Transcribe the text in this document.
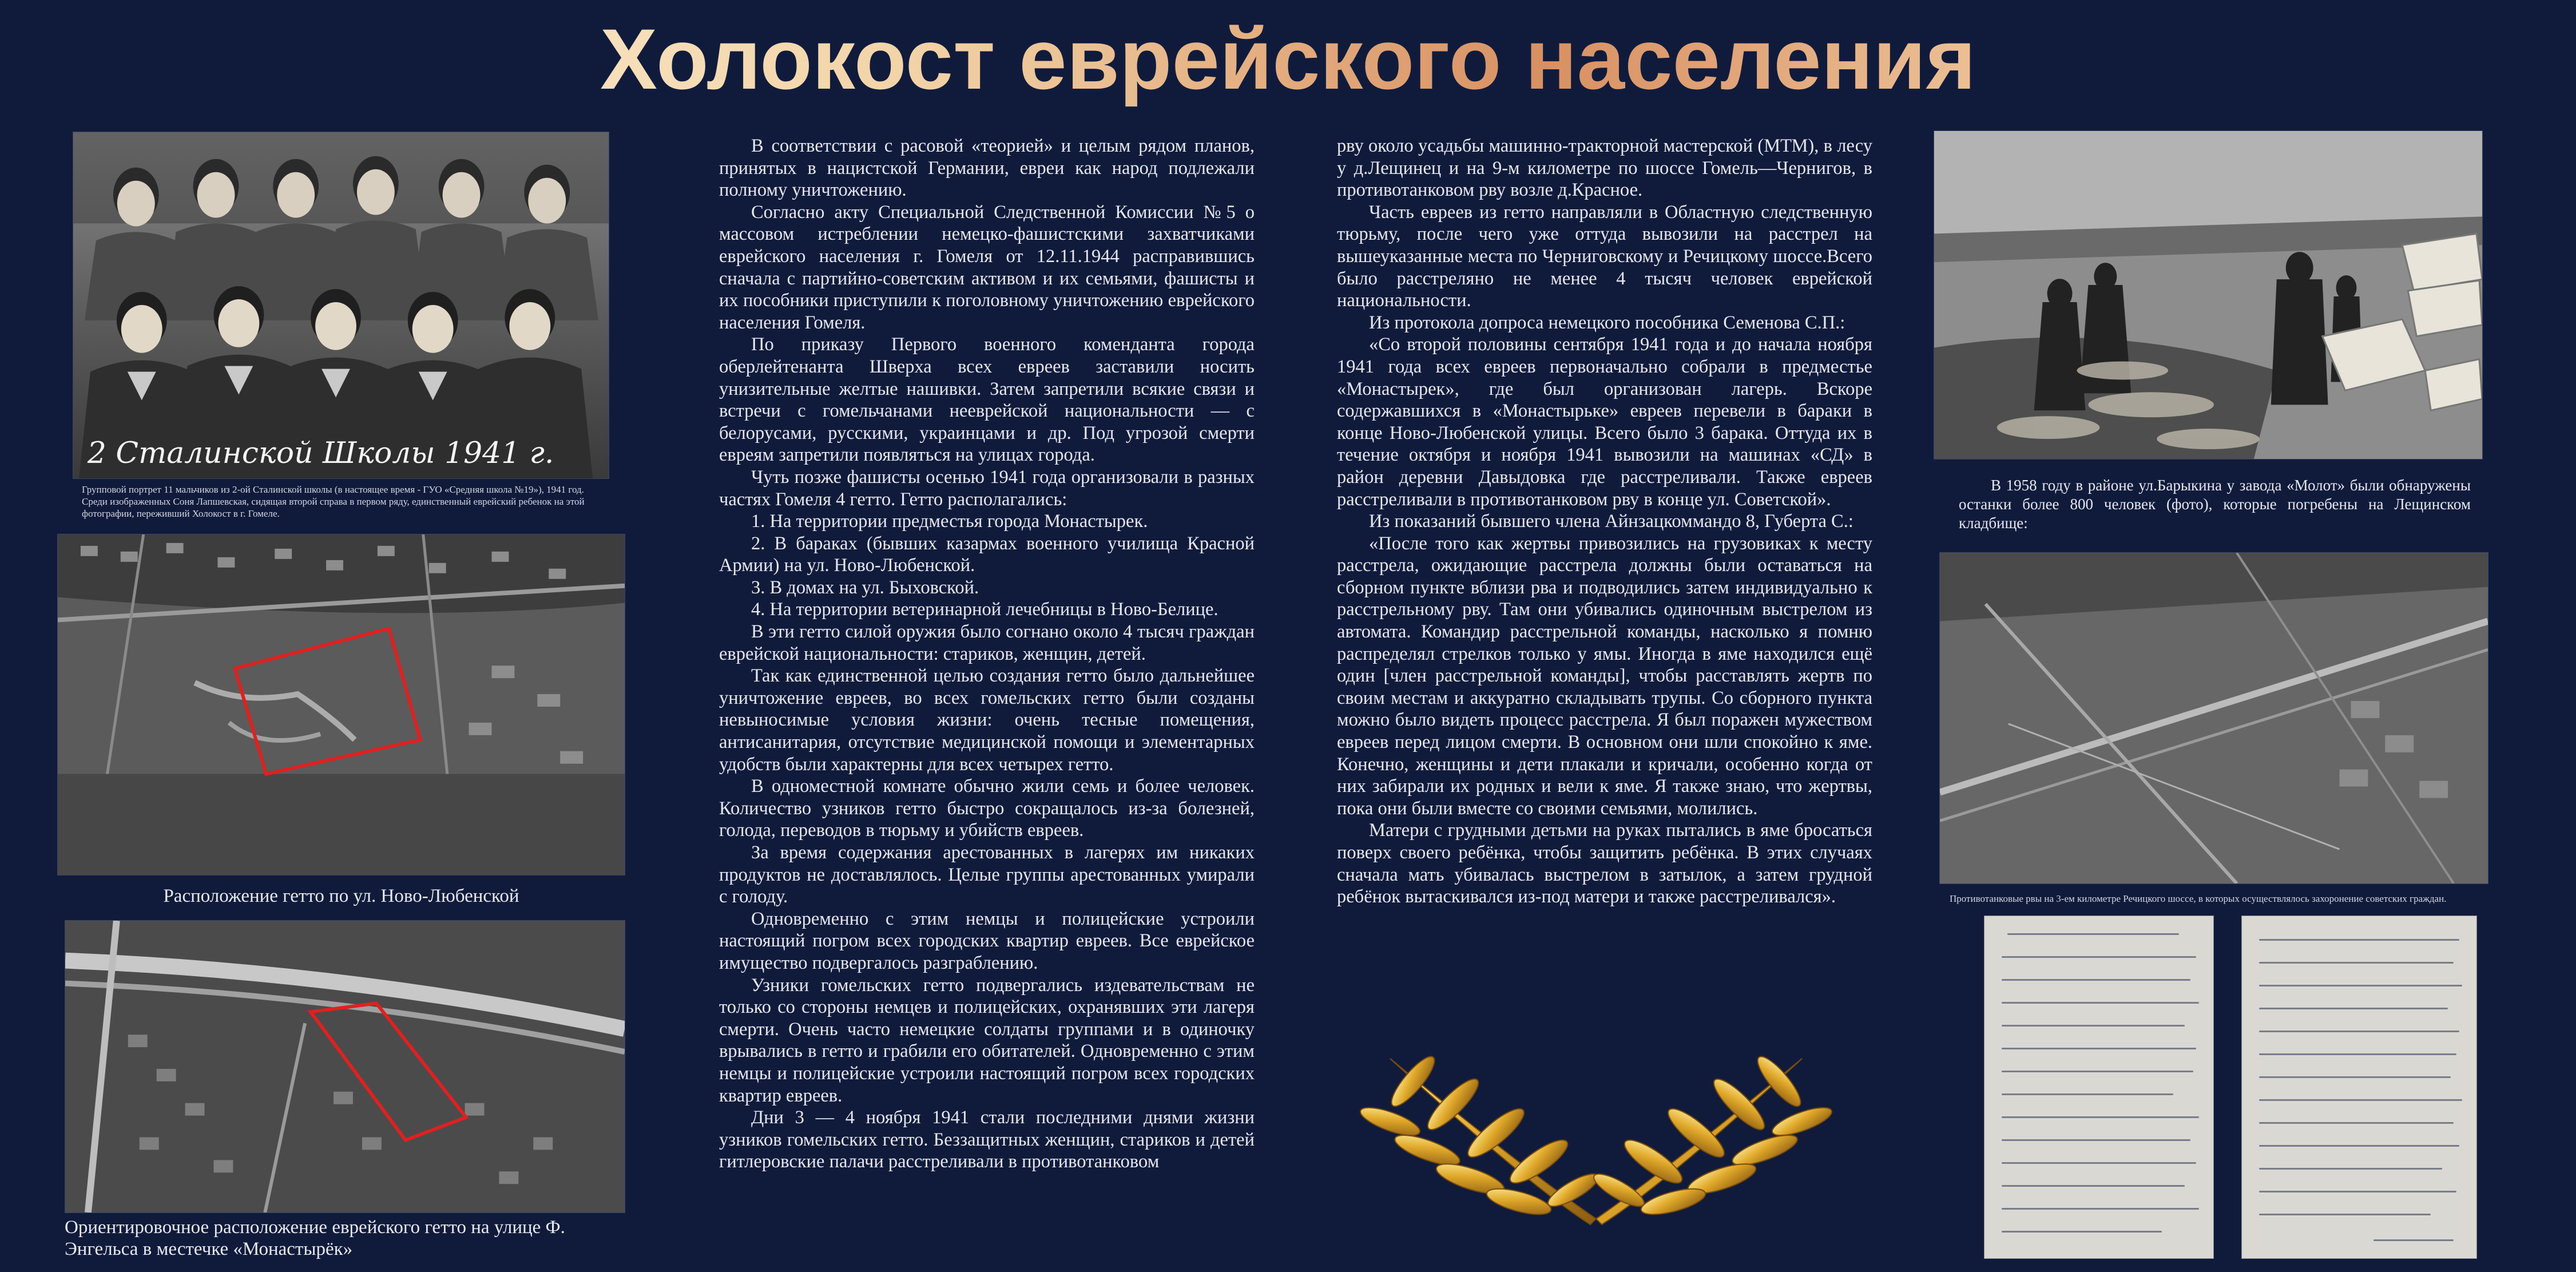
Холокост еврейского населения
2 Сталинской Школы 1941 г.
Групповой портрет 11 мальчиков из 2-ой Сталинской школы (в настоящее время - ГУО «Средняя школа №19»), 1941 год. Среди изображенных Соня Лапшевская, сидящая второй справа в первом ряду, единственный еврейский ребенок на этой фотографии, переживший Холокост в г. Гомеле.
Расположение гетто по ул. Ново-Любенской
Ориентировочное расположение еврейского гетто на улице Ф. Энгельса в местечке «Монастырёк»

В соответствии с расовой «теорией» и целым рядом планов, принятых в нацистской Германии, евреи как народ подлежали полному уничтожению.

Согласно акту Специальной Следственной Комиссии №5 о массовом истреблении немецко-фашистскими захватчиками еврейского населения г. Гомеля от 12.11.1944 расправившись сначала с партийно-советским активом и их семьями, фашисты и их пособники приступили к поголовному уничтожению еврейского населения Гомеля.

По приказу Первого военного коменданта города оберлейтенанта Шверха всех евреев заставили носить унизительные желтые нашивки. Затем запретили всякие связи и встречи с гомельчанами нееврейской национальности — с белорусами, русскими, украинцами и др. Под угрозой смерти евреям запретили появляться на улицах города.

Чуть позже фашисты осенью 1941 года организовали в разных частях Гомеля 4 гетто. Гетто располагались:

1. На территории предместья города Монастырек.

2. В бараках (бывших казармах военного училища Красной Армии) на ул. Ново-Любенской.

3. В домах на ул. Быховской.

4. На территории ветеринарной лечебницы в Ново-Белице.

В эти гетто силой оружия было согнано около 4 тысяч граждан еврейской национальности: стариков, женщин, детей.

Так как единственной целью создания гетто было дальнейшее уничтожение евреев, во всех гомельских гетто были созданы невыносимые условия жизни: очень тесные помещения, антисанитария, отсутствие медицинской помощи и элементарных удобств были характерны для всех четырех гетто.

В одноместной комнате обычно жили семь и более человек. Количество узников гетто быстро сокращалось из-за болезней, голода, переводов в тюрьму и убийств евреев.

За время содержания арестованных в лагерях им никаких продуктов не доставлялось. Целые группы арестованных умирали с голоду.

Одновременно с этим немцы и полицейские устроили настоящий погром всех городских квартир евреев. Все еврейское имущество подвергалось разграблению.

Узники гомельских гетто подвергались издевательствам не только со стороны немцев и полицейских, охранявших эти лагеря смерти. Очень часто немецкие солдаты группами и в одиночку врывались в гетто и грабили его обитателей. Одновременно с этим немцы и полицейские устроили настоящий погром всех городских квартир евреев.

Дни 3 — 4 ноября 1941 стали последними днями жизни узников гомельских гетто. Беззащитных женщин, стариков и детей гитлеровские палачи расстреливали в противотанковом

рву около усадьбы машинно-тракторной мастерской (МТМ), в лесу у д.Лещинец и на 9-м километре по шоссе Гомель—Чернигов, в противотанковом рву возле д.Красное.

Часть евреев из гетто направляли в Областную следственную тюрьму, после чего уже оттуда вывозили на расстрел на вышеуказанные места по Черниговскому и Речицкому шоссе.Всего было расстреляно не менее 4 тысяч человек еврейской национальности.

Из протокола допроса немецкого пособника Семенова С.П.:

«Со второй половины сентября 1941 года и до начала ноября 1941 года всех евреев первоначально собрали в предместье «Монастырек», где был организован лагерь. Вскоре содержавшихся в «Монастырьке» евреев перевели в бараки в конце Ново-Любенской улицы. Всего было 3 барака. Оттуда их в течение октября и ноября 1941 вывозили на машинах «СД» в район деревни Давыдовка где расстреливали. Также евреев расстреливали в противотанковом рву в конце ул. Советской».

Из показаний бывшего члена Айнзацкоммандо 8, Губерта С.:

«После того как жертвы привозились на грузовиках к месту расстрела, ожидающие расстрела должны были оставаться на сборном пункте вблизи рва и подводились затем индивидуально к расстрельному рву. Там они убивались одиночным выстрелом из автомата. Командир расстрельной команды, насколько я помню распределял стрелков только у ямы. Иногда в яме находился ещё один [член расстрельной команды], чтобы расставлять жертв по своим местам и аккуратно складывать трупы. Со сборного пункта можно было видеть процесс расстрела. Я был поражен мужеством евреев перед лицом смерти. В основном они шли спокойно к яме. Конечно, женщины и дети плакали и кричали, особенно когда от них забирали их родных и вели к яме. Я также знаю, что жертвы, пока они были вместе со своими семьями, молились.

Матери с грудными детьми на руках пытались в яме бросаться поверх своего ребёнка, чтобы защитить ребёнка. В этих случаях сначала мать убивалась выстрелом в затылок, а затем грудной ребёнок вытаскивался из-под матери и также расстреливался».

В 1958 году в районе ул.Барыкина у завода «Молот» были обнаружены останки более 800 человек (фото), которые погребены на Лещинском кладбище:

Противотанковые рвы на 3-ем километре Речицкого шоссе, в которых осуществлялось захоронение советских граждан.
